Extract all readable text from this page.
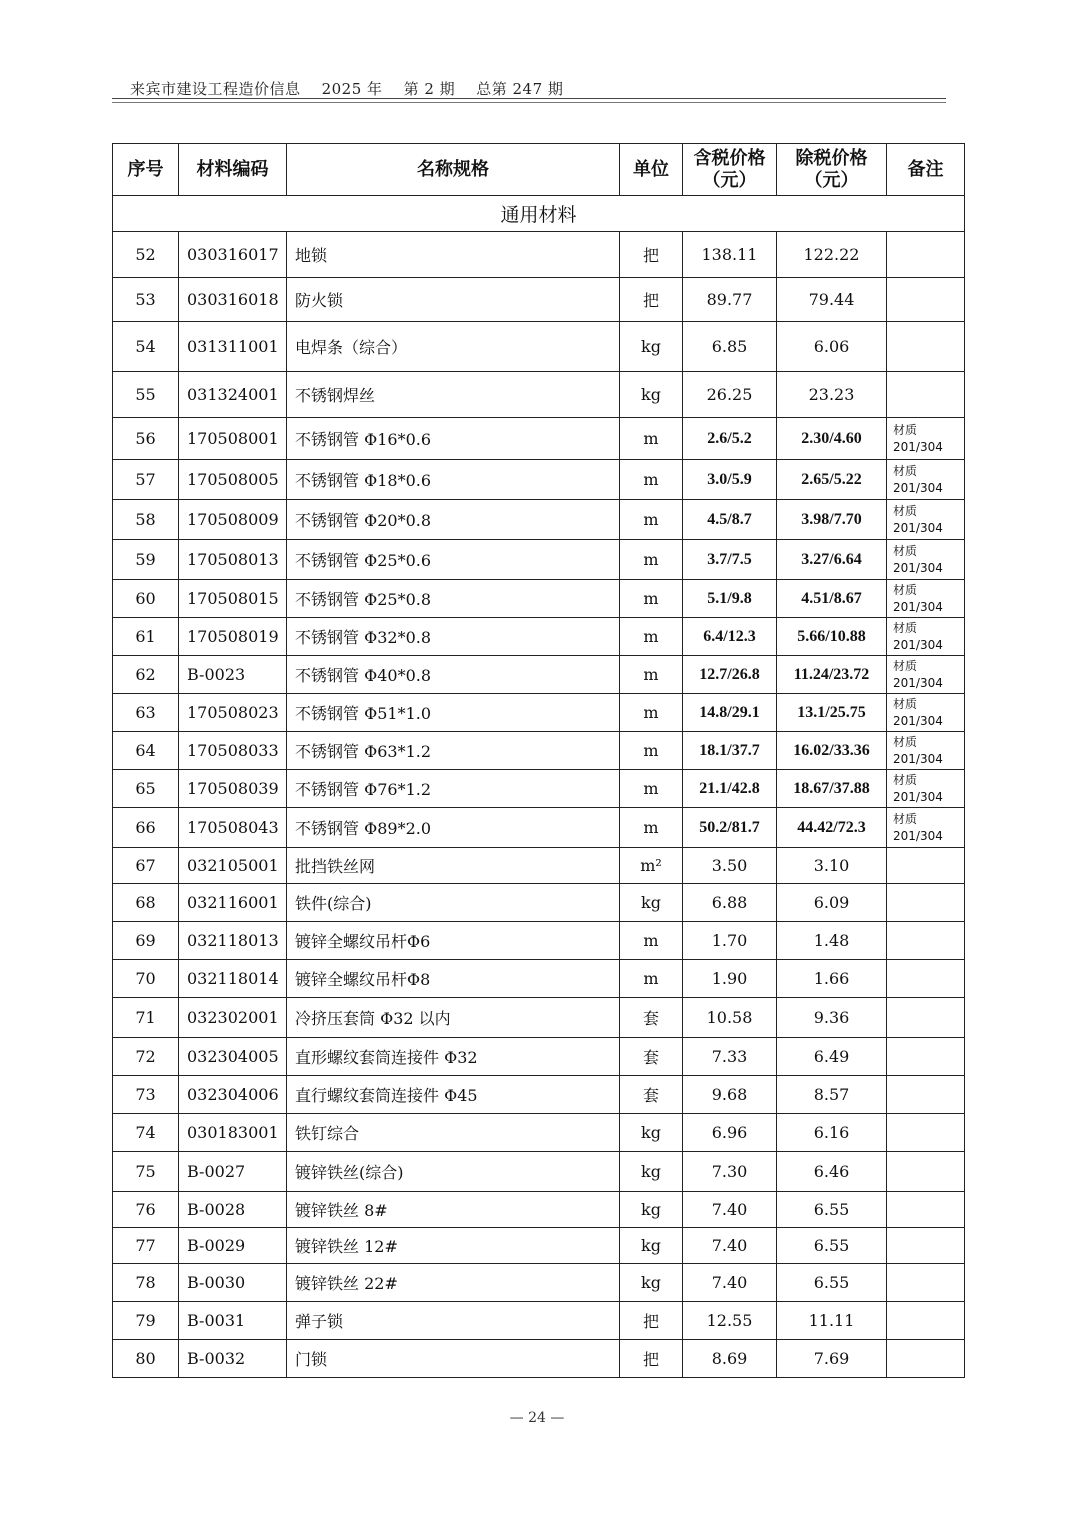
来宾市建设工程造价信息    2025 年    第 2 期    总第 247 期
序号	材料编码	名称规格	单位	含税价格（元）	除税价格（元）	备注
通用材料						
52	030316017	地锁	把	138.11	122.22	
53	030316018	防火锁	把	89.77	79.44	
54	031311001	电焊条（综合）	kg	6.85	6.06	
55	031324001	不锈钢焊丝	kg	26.25	23.23	
56	170508001	不锈钢管 Φ16*0.6	m	2.6/5.2	2.30/4.60	材质 201/304
57	170508005	不锈钢管 Φ18*0.6	m	3.0/5.9	2.65/5.22	材质 201/304
58	170508009	不锈钢管 Φ20*0.8	m	4.5/8.7	3.98/7.70	材质 201/304
59	170508013	不锈钢管 Φ25*0.6	m	3.7/7.5	3.27/6.64	材质 201/304
60	170508015	不锈钢管 Φ25*0.8	m	5.1/9.8	4.51/8.67	材质 201/304
61	170508019	不锈钢管 Φ32*0.8	m	6.4/12.3	5.66/10.88	材质 201/304
62	B-0023	不锈钢管 Φ40*0.8	m	12.7/26.8	11.24/23.72	材质 201/304
63	170508023	不锈钢管 Φ51*1.0	m	14.8/29.1	13.1/25.75	材质 201/304
64	170508033	不锈钢管 Φ63*1.2	m	18.1/37.7	16.02/33.36	材质 201/304
65	170508039	不锈钢管 Φ76*1.2	m	21.1/42.8	18.67/37.88	材质 201/304
66	170508043	不锈钢管 Φ89*2.0	m	50.2/81.7	44.42/72.3	材质 201/304
67	032105001	批挡铁丝网	m²	3.50	3.10	
68	032116001	铁件(综合)	kg	6.88	6.09	
69	032118013	镀锌全螺纹吊杆Φ6	m	1.70	1.48	
70	032118014	镀锌全螺纹吊杆Φ8	m	1.90	1.66	
71	032302001	冷挤压套筒 Φ32 以内	套	10.58	9.36	
72	032304005	直形螺纹套筒连接件 Φ32	套	7.33	6.49	
73	032304006	直行螺纹套筒连接件 Φ45	套	9.68	8.57	
74	030183001	铁钉综合	kg	6.96	6.16	
75	B-0027	镀锌铁丝(综合)	kg	7.30	6.46	
76	B-0028	镀锌铁丝 8#	kg	7.40	6.55	
77	B-0029	镀锌铁丝 12#	kg	7.40	6.55	
78	B-0030	镀锌铁丝 22#	kg	7.40	6.55	
79	B-0031	弹子锁	把	12.55	11.11	
80	B-0032	门锁	把	8.69	7.69	
— 24 —
